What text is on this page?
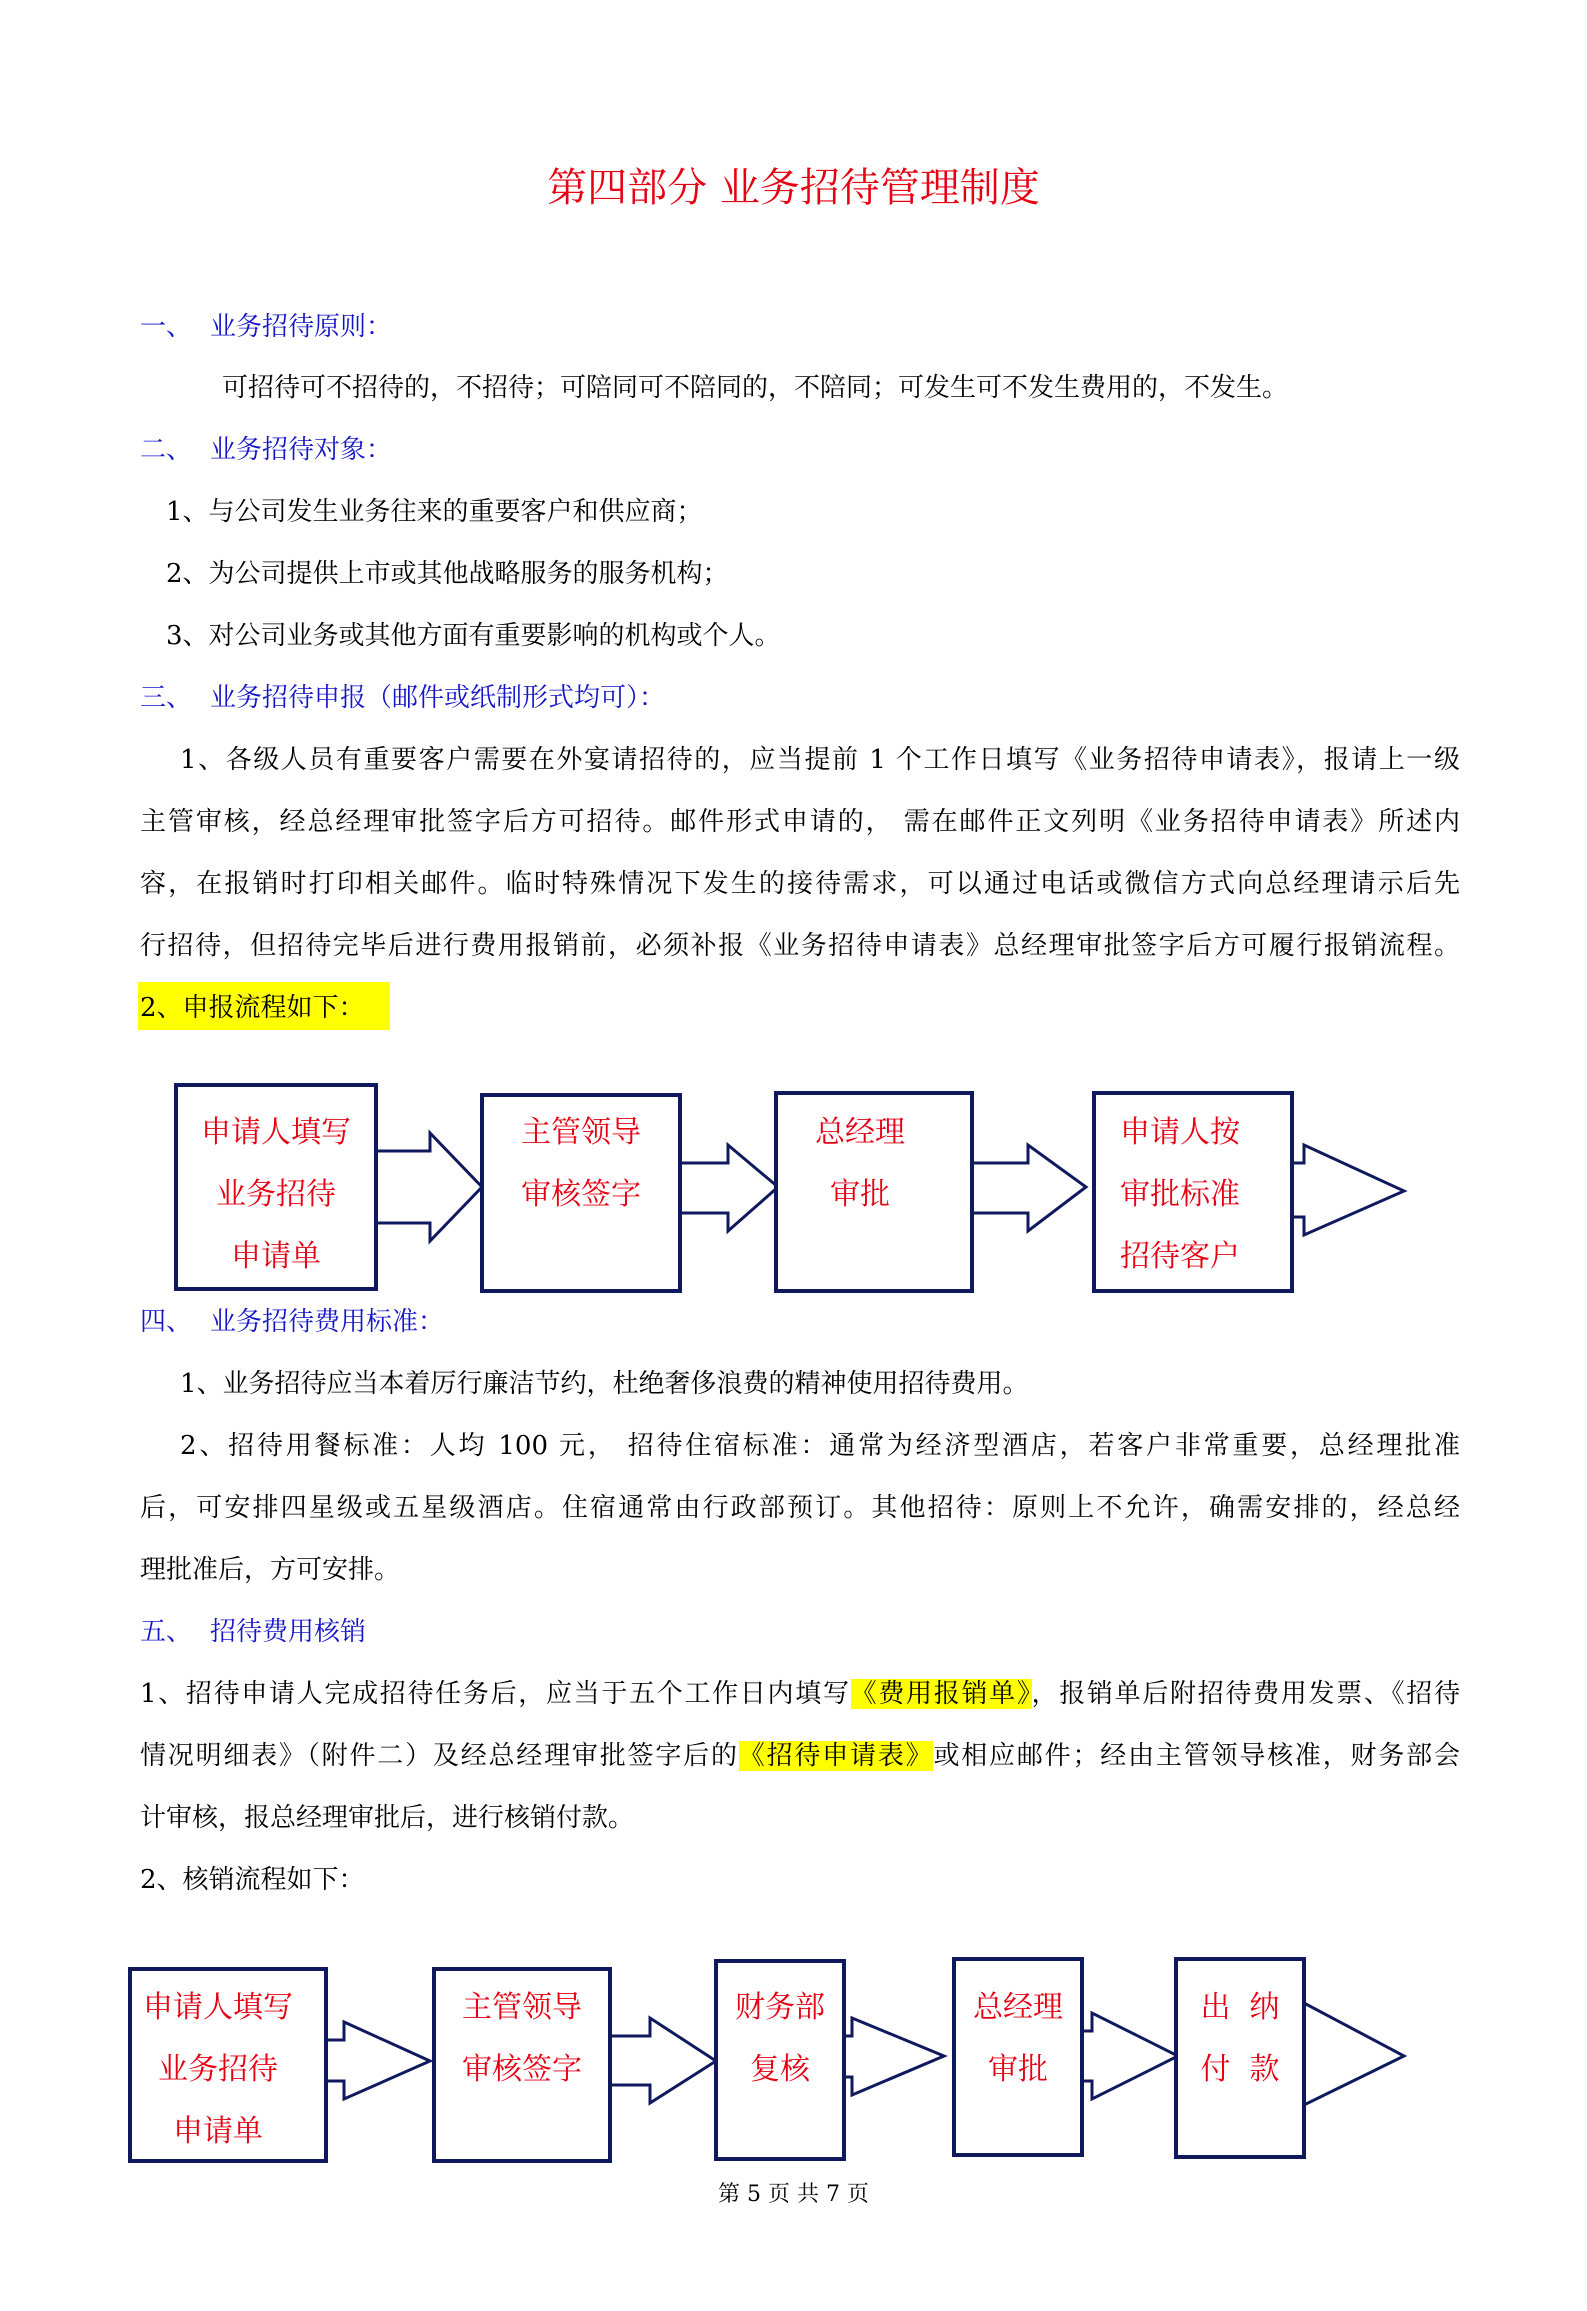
第四部分 业务招待管理制度
一、 业务招待原则：
可招待可不招待的，不招待；可陪同可不陪同的，不陪同；可发生可不发生费用的，不发生。
二、 业务招待对象：
1、与公司发生业务往来的重要客户和供应商；
2、为公司提供上市或其他战略服务的服务机构；
3、对公司业务或其他方面有重要影响的机构或个人。
三、 业务招待申报（邮件或纸制形式均可）：
1、各级人员有重要客户需要在外宴请招待的，应当提前 1 个工作日填写《业务招待申请表》，报请上一级
主管审核，经总经理审批签字后方可招待。邮件形式申请的， 需在邮件正文列明《业务招待申请表》所述内
容，在报销时打印相关邮件。临时特殊情况下发生的接待需求，可以通过电话或微信方式向总经理请示后先
行招待，但招待完毕后进行费用报销前，必须补报《业务招待申请表》总经理审批签字后方可履行报销流程。
2、申报流程如下：
申请人填写
业务招待
申请单
主管领导
审核签字
总经理
审批
申请人按
审批标准
招待客户
四、 业务招待费用标准：
1、业务招待应当本着厉行廉洁节约，杜绝奢侈浪费的精神使用招待费用。
2、招待用餐标准：人均 100 元， 招待住宿标准：通常为经济型酒店，若客户非常重要，总经理批准
后，可安排四星级或五星级酒店。住宿通常由行政部预订。其他招待：原则上不允许，确需安排的，经总经
理批准后，方可安排。
五、 招待费用核销
1、招待申请人完成招待任务后，应当于五个工作日内填写《费用报销单》，报销单后附招待费用发票、《招待
情况明细表》（附件二）及经总经理审批签字后的《招待申请表》或相应邮件；经由主管领导核准，财务部会
计审核，报总经理审批后，进行核销付款。
2、核销流程如下：
申请人填写
业务招待
申请单
主管领导
审核签字
财务部
复核
总经理
审批
出  纳
付  款
第 5 页 共 7 页
